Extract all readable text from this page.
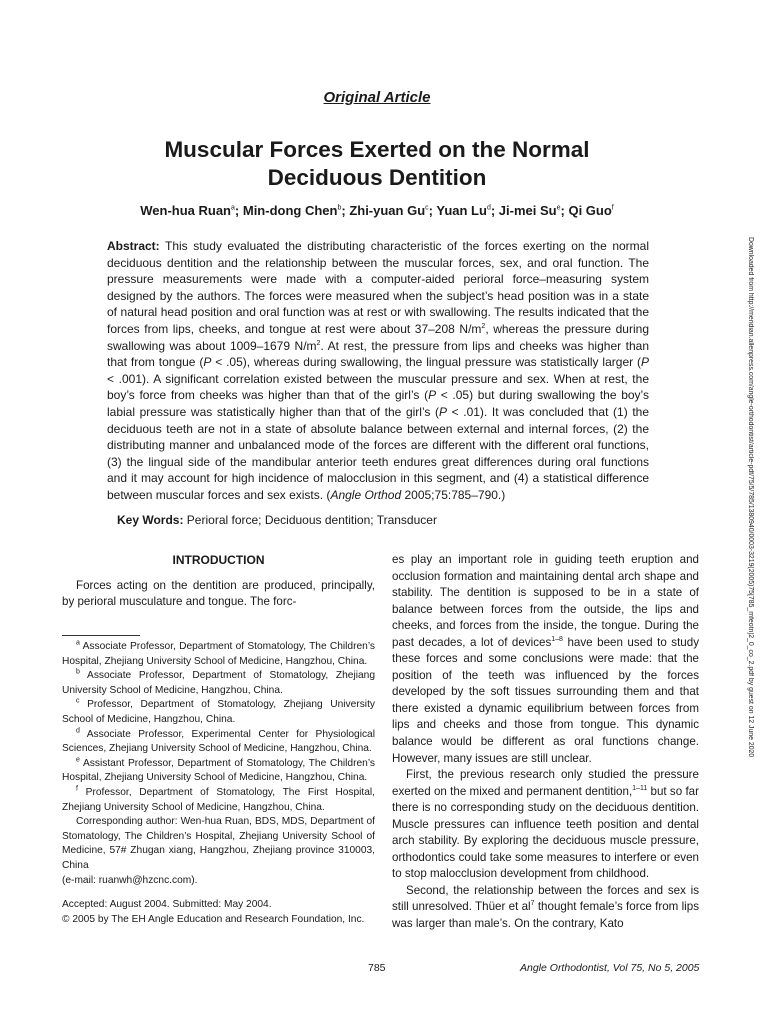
Original Article
Muscular Forces Exerted on the Normal
Deciduous Dentition
Wen-hua Ruan$^a$; Min-dong Chen$^b$; Zhi-yuan Gu$^c$; Yuan Lu$^d$; Ji-mei Su$^e$; Qi Guo$^f$
Abstract: This study evaluated the distributing characteristic of the forces exerting on the normal deciduous dentition and the relationship between the muscular forces, sex, and oral function. The pressure measurements were made with a computer-aided perioral force–measuring system designed by the authors. The forces were measured when the subject’s head position was in a state of natural head position and oral function was at rest or with swallowing. The results indicated that the forces from lips, cheeks, and tongue at rest were about 37–208 $N/m^2$, whereas the pressure during swallowing was about 1009–1679 $N/m^2$. At rest, the pressure from lips and cheeks was higher than that from tongue (P < .05), whereas during swallowing, the lingual pressure was statistically larger (P < .001). A significant correlation existed between the muscular pressure and sex. When at rest, the boy’s force from cheeks was higher than that of the girl’s (P < .05) but during swallowing the boy’s labial pressure was statistically higher than that of the girl’s (P < .01). It was concluded that (1) the deciduous teeth are not in a state of absolute balance between external and internal forces, (2) the distributing manner and unbalanced mode of the forces are different with the different oral functions, (3) the lingual side of the mandibular anterior teeth endures great differences during oral functions and it may account for high incidence of malocclusion in this segment, and (4) a statistical difference between muscular forces and sex exists. (Angle Orthod 2005;75:785–790.)
Key Words: Perioral force; Deciduous dentition; Transducer

INTRODUCTION

Forces acting on the dentition are produced, principally, by perioral musculature and tongue. The forc-

$^a$ Associate Professor, Department of Stomatology, The Children’s Hospital, Zhejiang University School of Medicine, Hangzhou, China.

$^b$ Associate Professor, Department of Stomatology, Zhejiang University School of Medicine, Hangzhou, China.

$^c$ Professor, Department of Stomatology, Zhejiang University School of Medicine, Hangzhou, China.

$^d$ Associate Professor, Experimental Center for Physiological Sciences, Zhejiang University School of Medicine, Hangzhou, China.

$^e$ Assistant Professor, Department of Stomatology, The Children’s Hospital, Zhejiang University School of Medicine, Hangzhou, China.

$^f$ Professor, Department of Stomatology, The First Hospital, Zhejiang University School of Medicine, Hangzhou, China.

Corresponding author: Wen-hua Ruan, BDS, MDS, Department of Stomatology, The Children’s Hospital, Zhejiang University School of Medicine, 57# Zhugan xiang, Hangzhou, Zhejiang province 310003, China

(e-mail: ruanwh@hzcnc.com).

Accepted: August 2004. Submitted: May 2004.

© 2005 by The EH Angle Education and Research Foundation, Inc.

es play an important role in guiding teeth eruption and occlusion formation and maintaining dental arch shape and stability. The dentition is supposed to be in a state of balance between forces from the outside, the lips and cheeks, and forces from the inside, the tongue. During the past decades, a lot of devices$^{1-8}$ have been used to study these forces and some conclusions were made: that the position of the teeth was influenced by the forces developed by the soft tissues surrounding them and that there existed a dynamic equilibrium between forces from lips and cheeks and those from tongue. This dynamic balance would be different as oral functions change. However, many issues are still unclear.

First, the previous research only studied the pressure exerted on the mixed and permanent dentition,$^{1-11}$ but so far there is no corresponding study on the deciduous dentition. Muscle pressures can influence teeth position and dental arch stability. By exploring the deciduous muscle pressure, orthodontics could take some measures to interfere or even to stop malocclusion development from childhood.

Second, the relationship between the forces and sex is still unresolved. Thüer et $al^7$ thought female’s force from lips was larger than male’s. On the contrary, Kato

785	Angle Orthodontist, Vol 75, No 5, 2005
Downloaded from http://meridian.allenpress.com/angle-orthodontist/article-pdf/75/5/785/1380940/0003-3219(2005)75[785_mfeotn]2_0_co_2.pdf by guest on 12 June 2020
